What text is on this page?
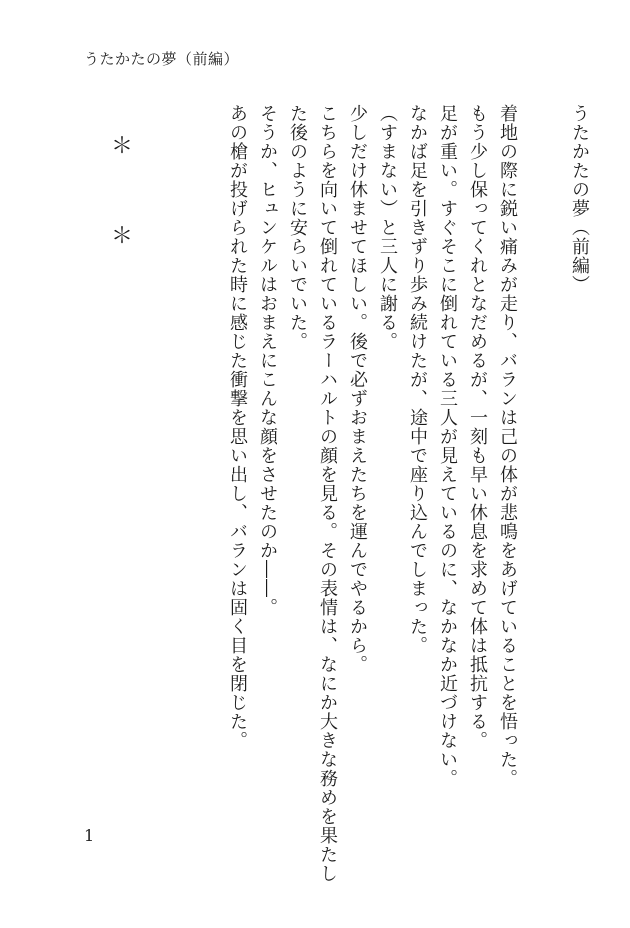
うたかたの夢（前編）
うたかたの夢（前編）

着地の際に鋭い痛みが走り、バランは己の体が悲鳴をあげていることを悟った。

もう少し保ってくれとなだめるが、一刻も早い休息を求めて体は抵抗する。

足が重い。すぐそこに倒れている三人が見えているのに、なかなか近づけない。

なかば足を引きずり歩み続けたが、途中で座り込んでしまった。

（すまない）と三人に謝る。

少しだけ休ませてほしい。後で必ずおまえたちを運んでやるから。

こちらを向いて倒れているラーハルトの顔を見る。その表情は、なにか大きな務めを果たした後のように安らいでいた。

そうか、ヒュンケルはおまえにこんな顔をさせたのか――。

あの槍が投げられた時に感じた衝撃を思い出し、バランは固く目を閉じた。

＊
＊
1
